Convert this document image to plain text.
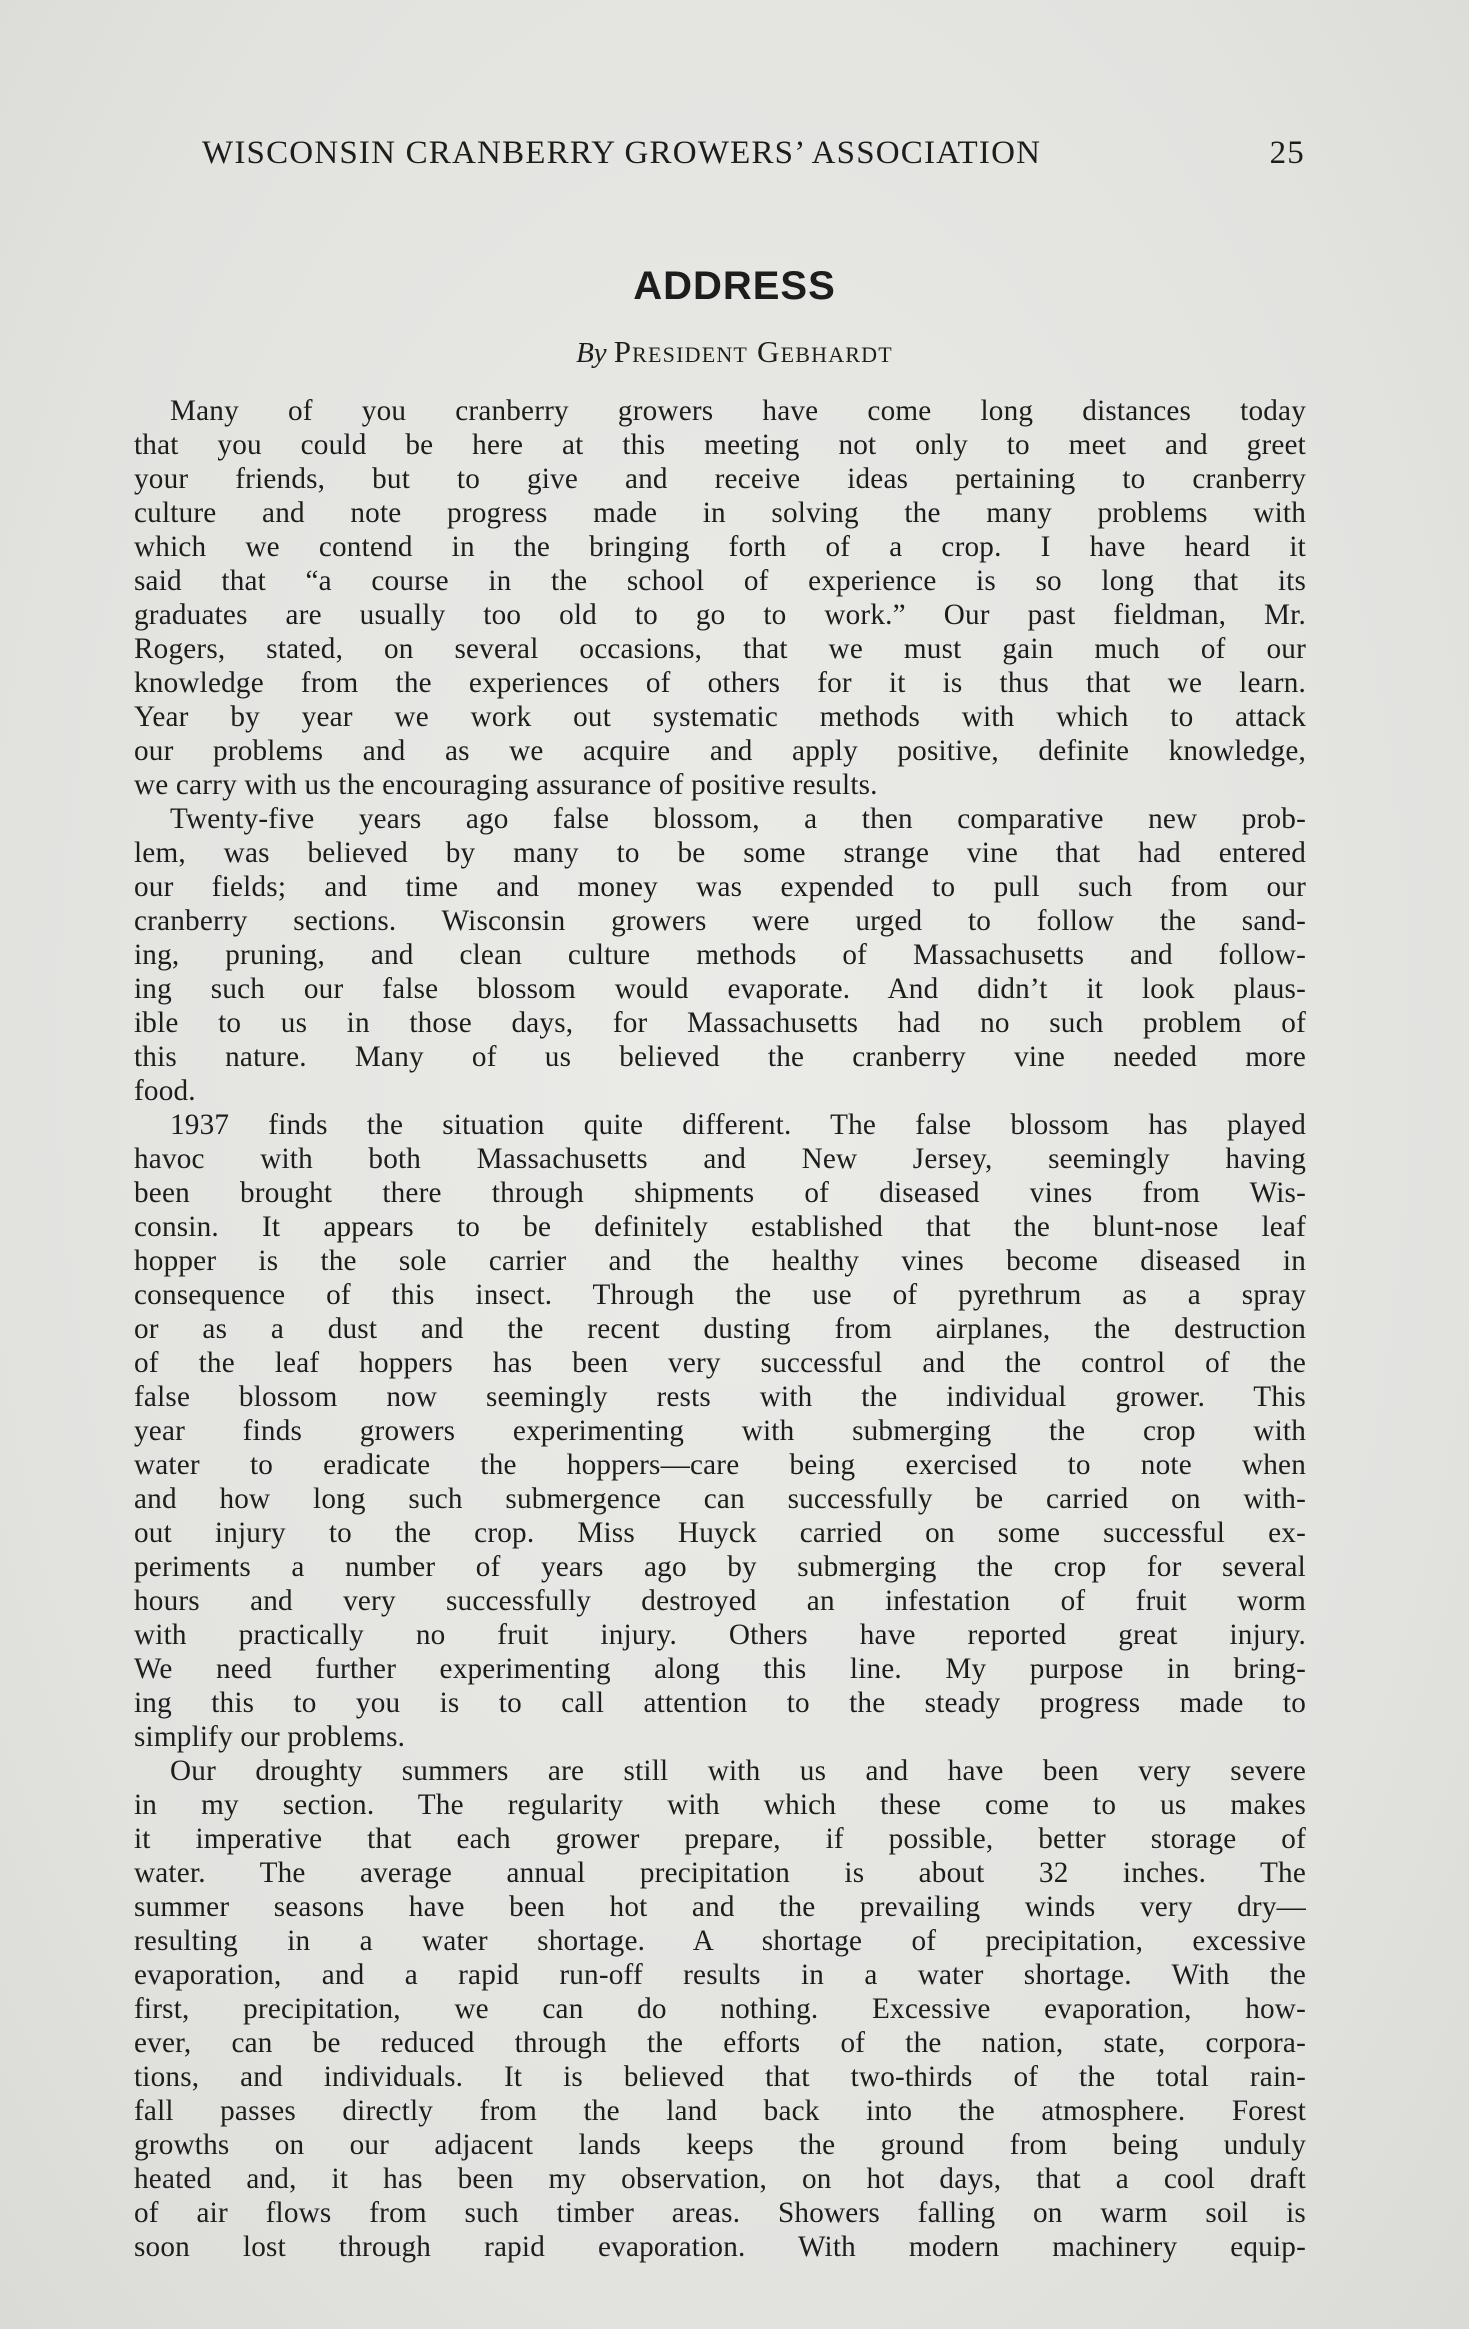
WISCONSIN CRANBERRY GROWERS’ ASSOCIATION	25
ADDRESS
By President Gebhardt
Many of you cranberry growers have come long distances today
that you could be here at this meeting not only to meet and greet
your friends, but to give and receive ideas pertaining to cranberry
culture and note progress made in solving the many problems with
which we contend in the bringing forth of a crop. I have heard it
said that “a course in the school of experience is so long that its
graduates are usually too old to go to work.” Our past fieldman, Mr.
Rogers, stated, on several occasions, that we must gain much of our
knowledge from the experiences of others for it is thus that we learn.
Year by year we work out systematic methods with which to attack
our problems and as we acquire and apply positive, definite knowledge,
we carry with us the encouraging assurance of positive results.
Twenty-five years ago false blossom, a then comparative new prob-
lem, was believed by many to be some strange vine that had entered
our fields; and time and money was expended to pull such from our
cranberry sections. Wisconsin growers were urged to follow the sand-
ing, pruning, and clean culture methods of Massachusetts and follow-
ing such our false blossom would evaporate. And didn’t it look plaus-
ible to us in those days, for Massachusetts had no such problem of
this nature. Many of us believed the cranberry vine needed more
food.
1937 finds the situation quite different. The false blossom has played
havoc with both Massachusetts and New Jersey, seemingly having
been brought there through shipments of diseased vines from Wis-
consin. It appears to be definitely established that the blunt-nose leaf
hopper is the sole carrier and the healthy vines become diseased in
consequence of this insect. Through the use of pyrethrum as a spray
or as a dust and the recent dusting from airplanes, the destruction
of the leaf hoppers has been very successful and the control of the
false blossom now seemingly rests with the individual grower. This
year finds growers experimenting with submerging the crop with
water to eradicate the hoppers—care being exercised to note when
and how long such submergence can successfully be carried on with-
out injury to the crop. Miss Huyck carried on some successful ex-
periments a number of years ago by submerging the crop for several
hours and very successfully destroyed an infestation of fruit worm
with practically no fruit injury. Others have reported great injury.
We need further experimenting along this line. My purpose in bring-
ing this to you is to call attention to the steady progress made to
simplify our problems.
Our droughty summers are still with us and have been very severe
in my section. The regularity with which these come to us makes
it imperative that each grower prepare, if possible, better storage of
water. The average annual precipitation is about 32 inches. The
summer seasons have been hot and the prevailing winds very dry—
resulting in a water shortage. A shortage of precipitation, excessive
evaporation, and a rapid run-off results in a water shortage. With the
first, precipitation, we can do nothing. Excessive evaporation, how-
ever, can be reduced through the efforts of the nation, state, corpora-
tions, and individuals. It is believed that two-thirds of the total rain-
fall passes directly from the land back into the atmosphere. Forest
growths on our adjacent lands keeps the ground from being unduly
heated and, it has been my observation, on hot days, that a cool draft
of air flows from such timber areas. Showers falling on warm soil is
soon lost through rapid evaporation. With modern machinery equip-
